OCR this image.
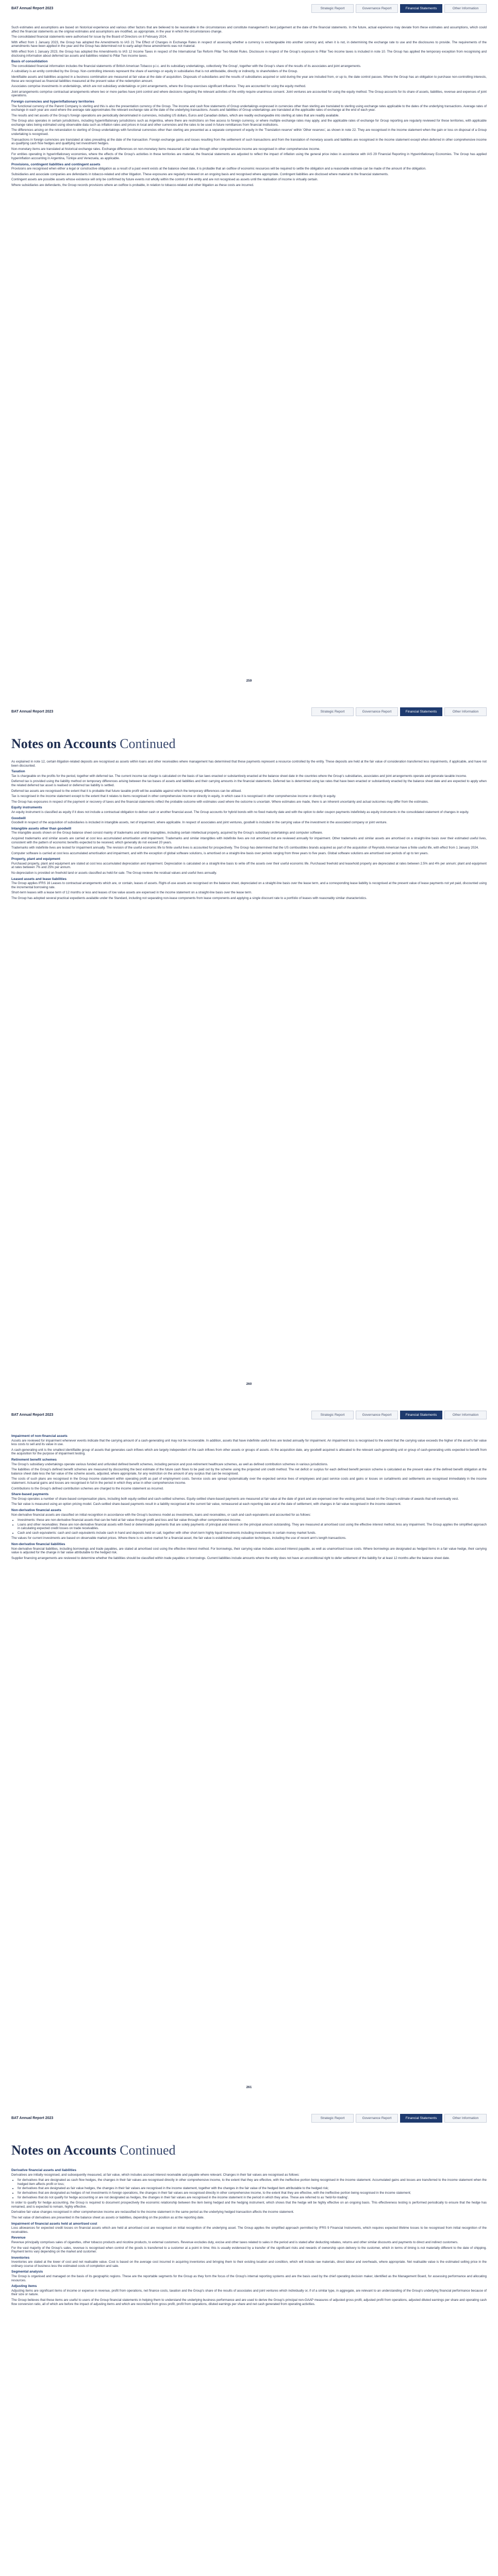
BAT Annual Report 2023	Strategic Report	Governance Report	Financial Statements	Other Information

Such estimates and assumptions are based on historical experience and various other factors that are believed to be reasonable in the circumstances and constitute management's best judgement at the date of the financial statements. In the future, actual experience may deviate from these estimates and assumptions, which could affect the financial statements as the original estimates and assumptions are modified, as appropriate, in the year in which the circumstances change.

The consolidated financial statements were authorised for issue by the Board of Directors on 8 February 2024.

With effect from 1 January 2023, the Group has adopted the Amendments to IAS 21 The Effect of Changes in Exchange Rates in respect of assessing whether a currency is exchangeable into another currency and, when it is not, in determining the exchange rate to use and the disclosures to provide. The requirements of the amendments have been applied in the year and the Group has determined not to early-adopt these amendments was not material.

With effect from 1 January 2023, the Group has adopted the Amendments to IAS 12 Income Taxes in respect of the International Tax Reform Pillar Two Model Rules. Disclosure in respect of the Group's exposure to Pillar Two income taxes is included in note 10. The Group has applied the temporary exception from recognising and disclosing information about deferred tax assets and liabilities related to Pillar Two income taxes.

Basis of consolidation

The consolidated financial information includes the financial statements of British American Tobacco p.l.c. and its subsidiary undertakings, collectively 'the Group', together with the Group's share of the results of its associates and joint arrangements.

A subsidiary is an entity controlled by the Group. Non-controlling interests represent the share of earnings or equity in subsidiaries that is not attributable, directly or indirectly, to shareholders of the Group.

Identifiable assets and liabilities acquired in a business combination are measured at fair value at the date of acquisition. Disposals of subsidiaries and the results of subsidiaries acquired or sold during the year are included from, or up to, the date control passes. Where the Group has an obligation to purchase non-controlling interests, these are recognised as financial liabilities measured at the present value of the redemption amount.

Associates comprise investments in undertakings, which are not subsidiary undertakings or joint arrangements, where the Group exercises significant influence. They are accounted for using the equity method.

Joint arrangements comprise contractual arrangements where two or more parties have joint control and where decisions regarding the relevant activities of the entity require unanimous consent. Joint ventures are accounted for using the equity method. The Group accounts for its share of assets, liabilities, revenue and expenses of joint operations.

Foreign currencies and hyperinflationary territories

The functional currency of the Parent Company is sterling and this is also the presentation currency of the Group. The income and cash flow statements of Group undertakings expressed in currencies other than sterling are translated to sterling using exchange rates applicable to the dates of the underlying transactions. Average rates of exchange in each year are used where the average rate approximates the relevant exchange rate at the date of the underlying transactions. Assets and liabilities of Group undertakings are translated at the applicable rates of exchange at the end of each year.

The results and net assets of the Group's foreign operations are periodically denominated in currencies, including US dollars, Euros and Canadian dollars, which are readily exchangeable into sterling at rates that are readily available.

The Group also operates in certain jurisdictions, including hyperinflationary jurisdictions such as Argentina, where there are restrictions on free access to foreign currency, or where multiple exchange rates may apply, and the applicable rates of exchange for Group reporting are regularly reviewed for these territories, with applicable exchange rates being estimated using observable data such as inflation rates and prices in local and other currencies and the rates to be used in future remittances from financial institutions.

The differences arising on the retranslation to sterling of Group undertakings with functional currencies other than sterling are presented as a separate component of equity in the 'Translation reserve' within 'Other reserves', as shown in note 22. They are recognised in the income statement when the gain or loss on disposal of a Group undertaking is recognised.

Transactions in foreign currencies are translated at rates prevailing at the date of the transaction. Foreign exchange gains and losses resulting from the settlement of such transactions and from the translation of monetary assets and liabilities are recognised in the income statement except when deferred in other comprehensive income as qualifying cash flow hedges and qualifying net investment hedges.

Non-monetary items are translated at historical exchange rates. Exchange differences on non-monetary items measured at fair value through other comprehensive income are recognised in other comprehensive income.

For entities operating in hyperinflationary economies, where the effects of the Group's activities in these territories are material, the financial statements are adjusted to reflect the impact of inflation using the general price index in accordance with IAS 29 Financial Reporting in Hyperinflationary Economies. The Group has applied hyperinflation accounting in Argentina, Türkiye and Venezuela, as applicable.

Provisions, contingent liabilities and contingent assets

Provisions are recognised when either a legal or constructive obligation as a result of a past event exists at the balance sheet date, it is probable that an outflow of economic resources will be required to settle the obligation and a reasonable estimate can be made of the amount of the obligation.

Subsidiaries and associate companies are defendants in tobacco-related and other litigation. These exposures are regularly reviewed on an ongoing basis and recognised where appropriate. Contingent liabilities are disclosed where material to the financial statements.

Contingent assets are possible assets whose existence will only be confirmed by future events not wholly within the control of the entity and are not recognised as assets until the realisation of income is virtually certain.

Where subsidiaries are defendants, the Group records provisions where an outflow is probable, in relation to tobacco-related and other litigation as these costs are incurred.

259
BAT Annual Report 2023	Strategic Report	Governance Report	Financial Statements	Other Information
Notes on Accounts Continued

As explained in note 12, certain litigation-related deposits are recognised as assets within loans and other receivables where management has determined that these payments represent a resource controlled by the entity. These deposits are held at the fair value of consideration transferred less impairments, if applicable, and have not been discounted.

Taxation

Tax is chargeable on the profits for the period, together with deferred tax. The current income tax charge is calculated on the basis of tax laws enacted or substantively enacted at the balance sheet date in the countries where the Group's subsidiaries, associates and joint arrangements operate and generate taxable income.

Deferred tax is provided using the liability method on temporary differences arising between the tax bases of assets and liabilities and their carrying amounts in the financial statements. Deferred tax is determined using tax rates that have been enacted or substantively enacted by the balance sheet date and are expected to apply when the related deferred tax asset is realised or deferred tax liability is settled.

Deferred tax assets are recognised to the extent that it is probable that future taxable profit will be available against which the temporary differences can be utilised.

Tax is recognised in the income statement except to the extent that it relates to items recognised in other comprehensive income or directly in equity, in which case it is recognised in other comprehensive income or directly in equity.

The Group has exposures in respect of the payment or recovery of taxes and the financial statements reflect the probable outcome with estimates used where the outcome is uncertain. Where estimates are made, there is an inherent uncertainty and actual outcomes may differ from the estimates.

Equity instruments

An equity instrument is classified as equity if it does not include a contractual obligation to deliver cash or another financial asset. The Group accounts for hybrid bonds with no fixed maturity date and with the option to defer coupon payments indefinitely as equity instruments in the consolidated statement of changes in equity.

Goodwill

Goodwill in respect of the acquisition of subsidiaries is included in intangible assets, net of impairment, where applicable. In respect of associates and joint ventures, goodwill is included in the carrying value of the investment in the associated company or joint venture.

Intangible assets other than goodwill

The intangible assets shown on the Group balance sheet consist mainly of trademarks and similar intangibles, including certain intellectual property, acquired by the Group's subsidiary undertakings and computer software.

Acquired trademarks and similar assets are carried at cost less accumulated amortisation and impairment. Trademarks and similar intangibles with indefinite lives are not amortised but are reviewed annually for impairment. Other trademarks and similar assets are amortised on a straight-line basis over their estimated useful lives, consistent with the pattern of economic benefits expected to be received, which generally do not exceed 20 years.

Trademarks with indefinite lives are tested for impairment annually. The revision of the useful economic life to finite useful lives is accounted for prospectively. The Group has determined that the US combustibles brands acquired as part of the acquisition of Reynolds American have a finite useful life, with effect from 1 January 2024.

Computer software is carried at cost less accumulated amortisation and impairment, and with the exception of global software solutions, is amortised on a straight-line basis over periods ranging from three years to five years. Global software solutions are amortised over periods of up to ten years.

Property, plant and equipment

Purchased property, plant and equipment are stated at cost less accumulated depreciation and impairment. Depreciation is calculated on a straight-line basis to write off the assets over their useful economic life. Purchased freehold and leasehold property are depreciated at rates between 2.5% and 4% per annum; plant and equipment at rates between 7% and 25% per annum.

No depreciation is provided on freehold land or assets classified as held-for-sale. The Group reviews the residual values and useful lives annually.

Leased assets and lease liabilities

The Group applies IFRS 16 Leases to contractual arrangements which are, or contain, leases of assets. Right-of-use assets are recognised on the balance sheet, depreciated on a straight-line basis over the lease term, and a corresponding lease liability is recognised at the present value of lease payments not yet paid, discounted using the incremental borrowing rate.

Short-term leases with a lease term of 12 months or less and leases of low value assets are expensed in the income statement on a straight-line basis over the lease term.

The Group has adopted several practical expedients available under the Standard, including not separating non-lease components from lease components and applying a single discount rate to a portfolio of leases with reasonably similar characteristics.

260
BAT Annual Report 2023	Strategic Report	Governance Report	Financial Statements	Other Information
Impairment of non-financial assets

Assets are reviewed for impairment whenever events indicate that the carrying amount of a cash-generating unit may not be recoverable. In addition, assets that have indefinite useful lives are tested annually for impairment. An impairment loss is recognised to the extent that the carrying value exceeds the higher of the asset's fair value less costs to sell and its value in use.

A cash-generating unit is the smallest identifiable group of assets that generates cash inflows which are largely independent of the cash inflows from other assets or groups of assets. At the acquisition date, any goodwill acquired is allocated to the relevant cash-generating unit or group of cash-generating units expected to benefit from the acquisition for the purpose of impairment testing.

Retirement benefit schemes

The Group's subsidiary undertakings operate various funded and unfunded defined benefit schemes, including pension and post-retirement healthcare schemes, as well as defined contribution schemes in various jurisdictions.

The liabilities of the Group's defined benefit schemes are measured by discounting the best estimate of the future cash flows to be paid out by the scheme using the projected unit credit method. The net deficit or surplus for each defined benefit pension scheme is calculated as the present value of the defined benefit obligation at the balance sheet date less the fair value of the scheme assets, adjusted, where appropriate, for any restriction on the amount of any surplus that can be recognised.

The costs of such plans are recognised in the Group income statement within operating profit as part of employment costs. Service costs are spread systematically over the expected service lives of employees and past service costs and gains or losses on curtailments and settlements are recognised immediately in the income statement. Actuarial gains and losses are recognised in full in the period in which they arise in other comprehensive income.

Contributions to the Group's defined contribution schemes are charged to the income statement as incurred.

Share-based payments

The Group operates a number of share-based compensation plans, including both equity-settled and cash-settled schemes. Equity-settled share-based payments are measured at fair value at the date of grant and are expensed over the vesting period, based on the Group's estimate of awards that will eventually vest.

The fair value is measured using an option pricing model. Cash-settled share-based payments result in a liability recognised at the current fair value, remeasured at each reporting date and at the date of settlement, with changes in fair value recognised in the income statement.

Non-derivative financial assets

Non-derivative financial assets are classified on initial recognition in accordance with the Group's business model as investments, loans and receivables, or cash and cash equivalents and accounted for as follows:

• Investments: these are non-derivative financial assets that can be held at fair value through profit and loss and fair value through other comprehensive income.
• Loans and other receivables: these are non-derivative financial assets with fixed or determinable payments that are solely payments of principal and interest on the principal amount outstanding. They are measured at amortised cost using the effective interest method, less any impairment. The Group applies the simplified approach in calculating expected credit losses on trade receivables.
• Cash and cash equivalents: cash and cash equivalents include cash in hand and deposits held on call, together with other short-term highly liquid investments including investments in certain money market funds.

The values for current investments are based on observable market prices. Where there is no active market for a financial asset, the fair value is established using valuation techniques, including the use of recent arm's length transactions.

Non-derivative financial liabilities

Non-derivative financial liabilities, including borrowings and trade payables, are stated at amortised cost using the effective interest method. For borrowings, their carrying value includes accrued interest payable, as well as unamortised issue costs. Where borrowings are designated as hedged items in a fair value hedge, their carrying value is adjusted for the change in fair value attributable to the hedged risk.

Supplier financing arrangements are reviewed to determine whether the liabilities should be classified within trade payables or borrowings. Current liabilities include amounts where the entity does not have an unconditional right to defer settlement of the liability for at least 12 months after the balance sheet date.

261
BAT Annual Report 2023	Strategic Report	Governance Report	Financial Statements	Other Information
Notes on Accounts Continued
Derivative financial assets and liabilities

Derivatives are initially recognised, and subsequently measured, at fair value, which includes accrued interest receivable and payable where relevant. Changes in their fair values are recognised as follows:

• for derivatives that are designated as cash flow hedges, the changes in their fair values are recognised directly in other comprehensive income, to the extent that they are effective, with the ineffective portion being recognised in the income statement. Accumulated gains and losses are transferred to the income statement when the hedged item affects profit or loss;
• for derivatives that are designated as fair value hedges, the changes in their fair values are recognised in the income statement, together with the changes in the fair value of the hedged item attributable to the hedged risk;
• for derivatives that are designated as hedges of net investments in foreign operations, the changes in their fair values are recognised directly in other comprehensive income, to the extent that they are effective, with the ineffective portion being recognised in the income statement;
• for derivatives that do not qualify for hedge accounting or are not designated as hedges, the changes in their fair values are recognised in the income statement in the period in which they arise. These are referred to as 'held-for-trading'.

In order to qualify for hedge accounting, the Group is required to document prospectively the economic relationship between the item being hedged and the hedging instrument, which shows that the hedge will be highly effective on an ongoing basis. This effectiveness testing is performed periodically to ensure that the hedge has remained, and is expected to remain, highly effective.

Derivative fair value changes recognised in other comprehensive income are reclassified to the income statement in the same period as the underlying hedged transaction affects the income statement.

The net value of derivatives are presented in the balance sheet as assets or liabilities, depending on the position as at the reporting date.

Impairment of financial assets held at amortised cost

Loss allowances for expected credit losses on financial assets which are held at amortised cost are recognised on initial recognition of the underlying asset. The Group applies the simplified approach permitted by IFRS 9 Financial Instruments, which requires expected lifetime losses to be recognised from initial recognition of the receivables.

Revenue

Revenue principally comprises sales of cigarettes, other tobacco products and nicotine products, to external customers. Revenue excludes duty, excise and other taxes related to sales in the period and is stated after deducting rebates, returns and other similar discounts and payments to direct and indirect customers.

For the vast majority of the Group's sales, revenue is recognised when control of the goods is transferred to a customer at a point in time; this is usually evidenced by a transfer of the significant risks and rewards of ownership upon delivery to the customer, which in terms of timing is not materially different to the date of shipping. Payment terms vary depending on the market and customer.

Inventories

Inventories are stated at the lower of cost and net realisable value. Cost is based on the average cost incurred in acquiring inventories and bringing them to their existing location and condition, which will include raw materials, direct labour and overheads, where appropriate. Net realisable value is the estimated selling price in the ordinary course of business less the estimated costs of completion and sale.

Segmental analysis

The Group is organised and managed on the basis of its geographic regions. These are the reportable segments for the Group as they form the focus of the Group's internal reporting systems and are the basis used by the chief operating decision maker, identified as the Management Board, for assessing performance and allocating resources.

Adjusting items

Adjusting items are significant items of income or expense in revenue, profit from operations, net finance costs, taxation and the Group's share of the results of associates and joint ventures which individually or, if of a similar type, in aggregate, are relevant to an understanding of the Group's underlying financial performance because of their size or nature.

The Group believes that these items are useful to users of the Group financial statements in helping them to understand the underlying business performance and are used to derive the Group's principal non-GAAP measures of adjusted gross profit, adjusted profit from operations, adjusted diluted earnings per share and operating cash flow conversion ratio, all of which are before the impact of adjusting items and which are reconciled from gross profit, profit from operations, diluted earnings per share and net cash generated from operating activities.
